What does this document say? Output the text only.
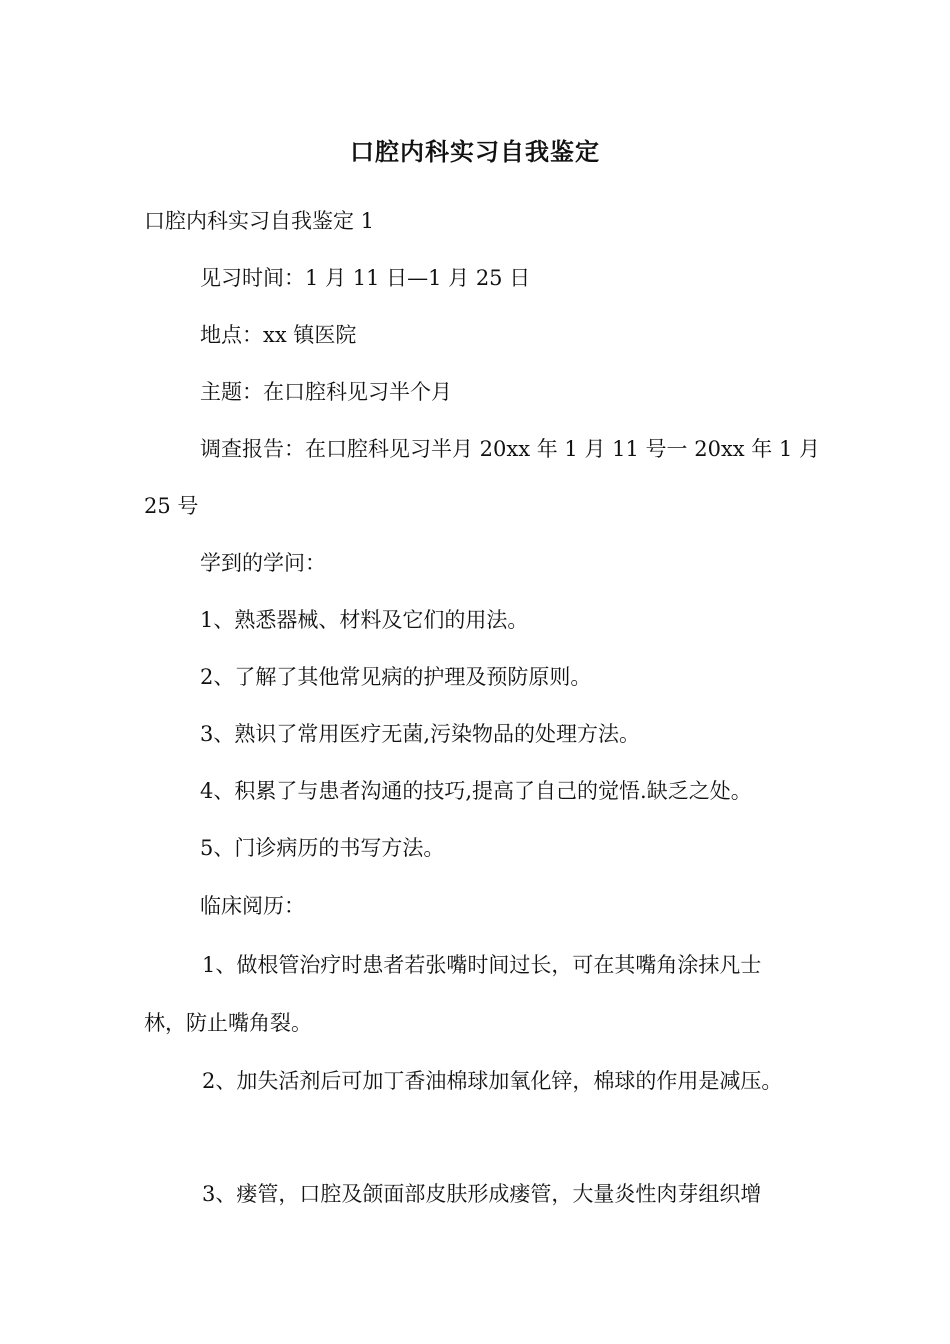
口腔内科实习自我鉴定
口腔内科实习自我鉴定 1
见习时间：1 月 11 日—1 月 25 日
地点：xx 镇医院
主题：在口腔科见习半个月
调查报告：在口腔科见习半月 20xx 年 1 月 11 号一 20xx 年 1 月
25 号
学到的学问：
1、熟悉器械、材料及它们的用法。
2、了解了其他常见病的护理及预防原则。
3、熟识了常用医疗无菌,污染物品的处理方法。
4、积累了与患者沟通的技巧,提高了自己的觉悟.缺乏之处。
5、门诊病历的书写方法。
临床阅历：
1、做根管治疗时患者若张嘴时间过长，可在其嘴角涂抹凡士
林，防止嘴角裂。
2、加失活剂后可加丁香油棉球加氧化锌，棉球的作用是减压。
3、瘘管，口腔及颌面部皮肤形成瘘管，大量炎性肉芽组织增
